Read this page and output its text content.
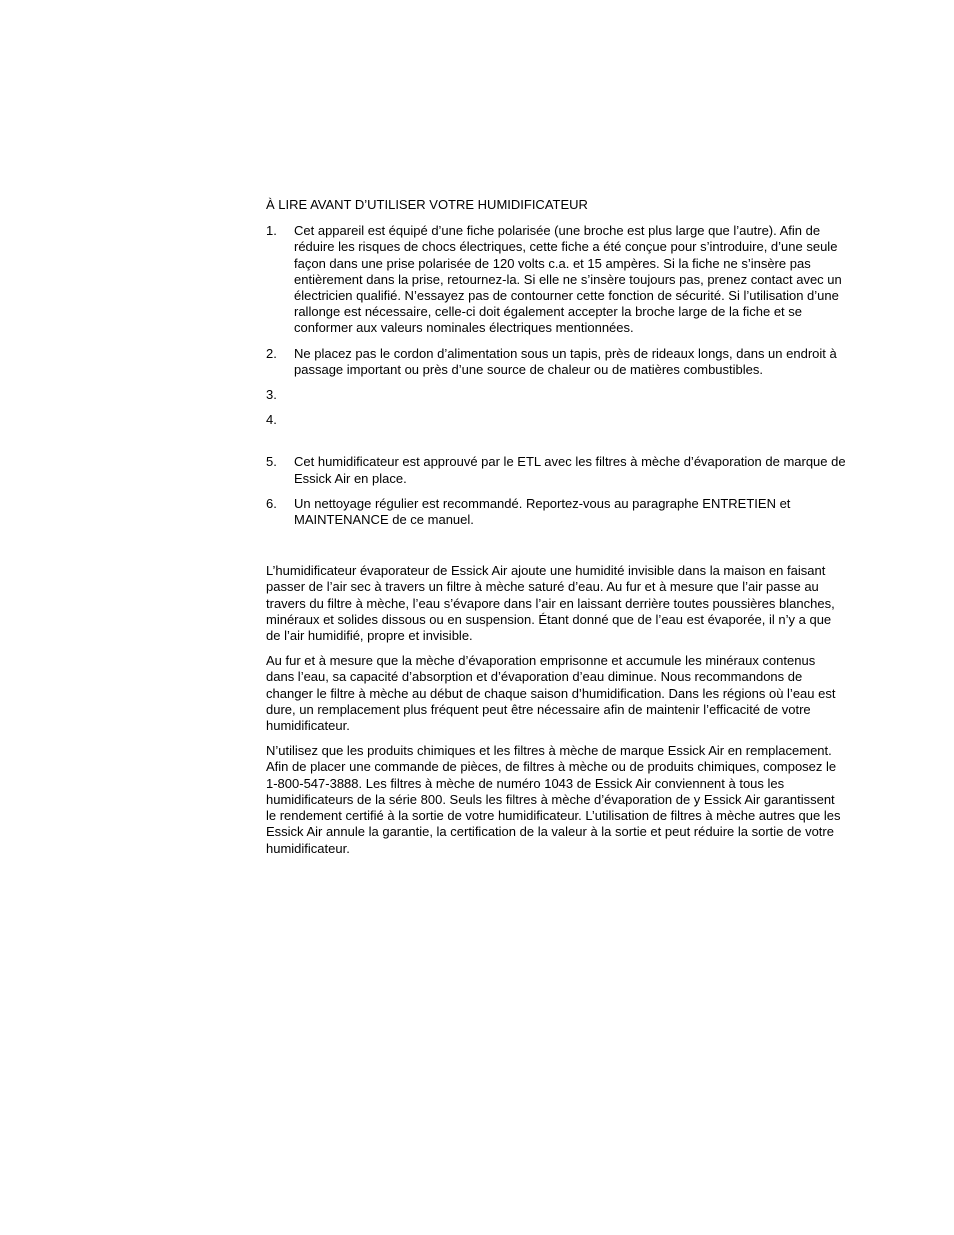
À LIRE AVANT D’UTILISER VOTRE HUMIDIFICATEUR
1.	Cet appareil est équipé d’une fiche polarisée (une broche est plus large que l’autre). Afin de réduire les risques de chocs électriques, cette fiche a été conçue pour s’introduire, d’une seule façon dans une prise polarisée de 120 volts c.a. et 15 ampères. Si la fiche ne s’insère pas entièrement dans la prise, retournez-la. Si elle ne s’insère toujours pas, prenez contact avec un électricien qualifié. N’essayez pas de contourner cette fonction de sécurité. Si l’utilisation d’une rallonge est nécessaire, celle-ci doit également accepter la broche large de la fiche et se conformer aux valeurs nominales électriques mentionnées.
2.	Ne placez pas le cordon d’alimentation sous un tapis, près de rideaux longs, dans un endroit à passage important ou près d’une source de chaleur ou de matières combustibles.
3.
4.
5.	Cet humidificateur est approuvé par le ETL avec les filtres à mèche d’évaporation de marque de Essick Air en place.
6.	Un nettoyage régulier est recommandé. Reportez-vous au paragraphe ENTRETIEN et MAINTENANCE de ce manuel.

L’humidificateur évaporateur de Essick Air ajoute une humidité invisible dans la maison en faisant passer de l’air sec à travers un filtre à mèche saturé d’eau. Au fur et à mesure que l’air passe au travers du filtre à mèche, l’eau s’évapore dans l’air en laissant derrière toutes poussières blanches, minéraux et solides dissous ou en suspension. Étant donné que de l’eau est évaporée, il n’y a que de l’air humidifié, propre et invisible.

Au fur et à mesure que la mèche d’évaporation emprisonne et accumule les minéraux contenus dans l’eau, sa capacité d’absorption et d’évaporation d’eau diminue. Nous recommandons de changer le filtre à mèche au début de chaque saison d’humidification. Dans les régions où l’eau est dure, un remplacement plus fréquent peut être nécessaire afin de maintenir l’efficacité de votre humidificateur.

N’utilisez que les produits chimiques et les filtres à mèche de marque Essick Air en remplacement. Afin de placer une commande de pièces, de filtres à mèche ou de produits chimiques, composez le 1-800-547-3888. Les filtres à mèche de numéro 1043 de Essick Air conviennent à tous les humidificateurs de la série 800. Seuls les filtres à mèche d’évaporation de y Essick Air garantissent le rendement certifié à la sortie de votre humidificateur. L’utilisation de filtres à mèche autres que les Essick Air annule la garantie, la certification de la valeur à la sortie et peut réduire la sortie de votre humidificateur.
